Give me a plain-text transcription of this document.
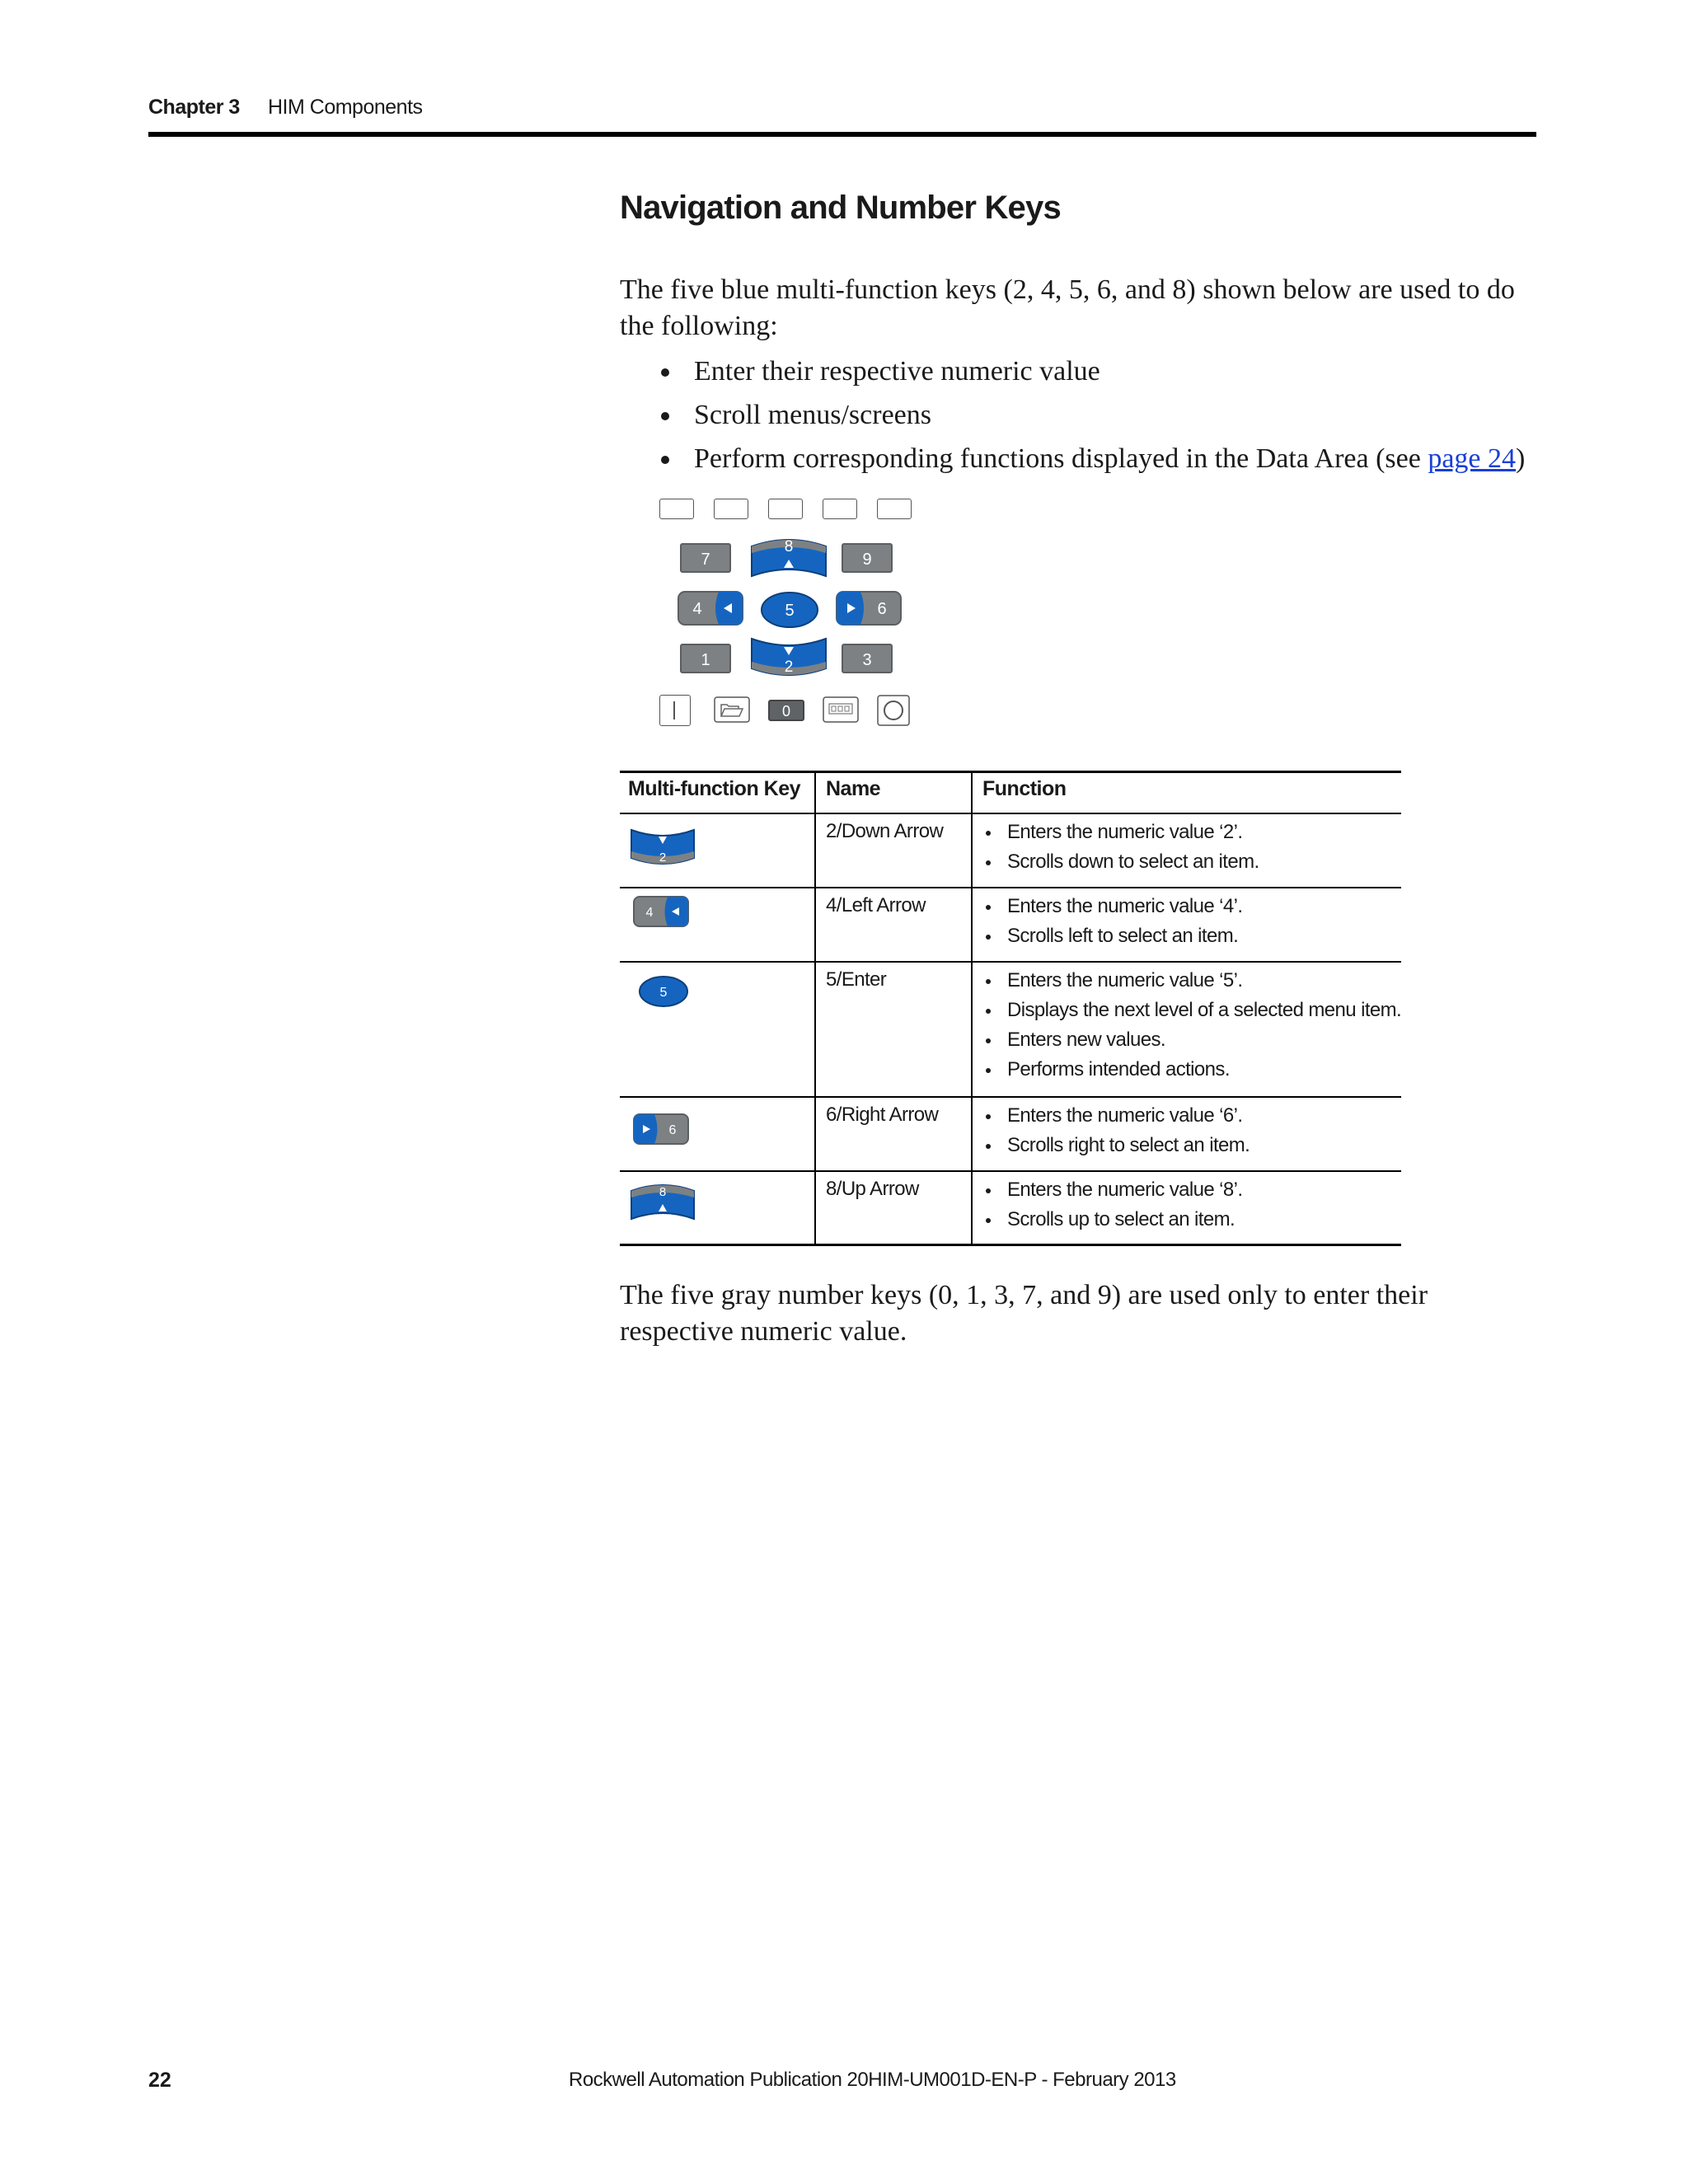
Chapter 3 HIM Components
Navigation and Number Keys

The five blue multi-function keys (2, 4, 5, 6, and 8) shown below are used to do the following:

Enter their respective numeric value
Scroll menus/screens
Perform corresponding functions displayed in the Data Area (see page 24)
7	9
1	3
8
4	5	6
2
0
Multi-function Key Name	Function
2
2/Down Arrow	Enters the numeric value ‘2’.
Scrolls down to select an item.
4	4/Left Arrow	Enters the numeric value ‘4’.
Scrolls left to select an item.
5
5/Enter	Enters the numeric value ‘5’.
Displays the next level of a selected menu item.
Enters new values.
Performs intended actions.
6
6/Right Arrow	Enters the numeric value ‘6’.
Scrolls right to select an item.
8	8/Up Arrow	Enters the numeric value ‘8’.
Scrolls up to select an item.

The five gray number keys (0, 1, 3, 7, and 9) are used only to enter their respective numeric value.

22	Rockwell Automation Publication 20HIM-UM001D-EN-P - February 2013
